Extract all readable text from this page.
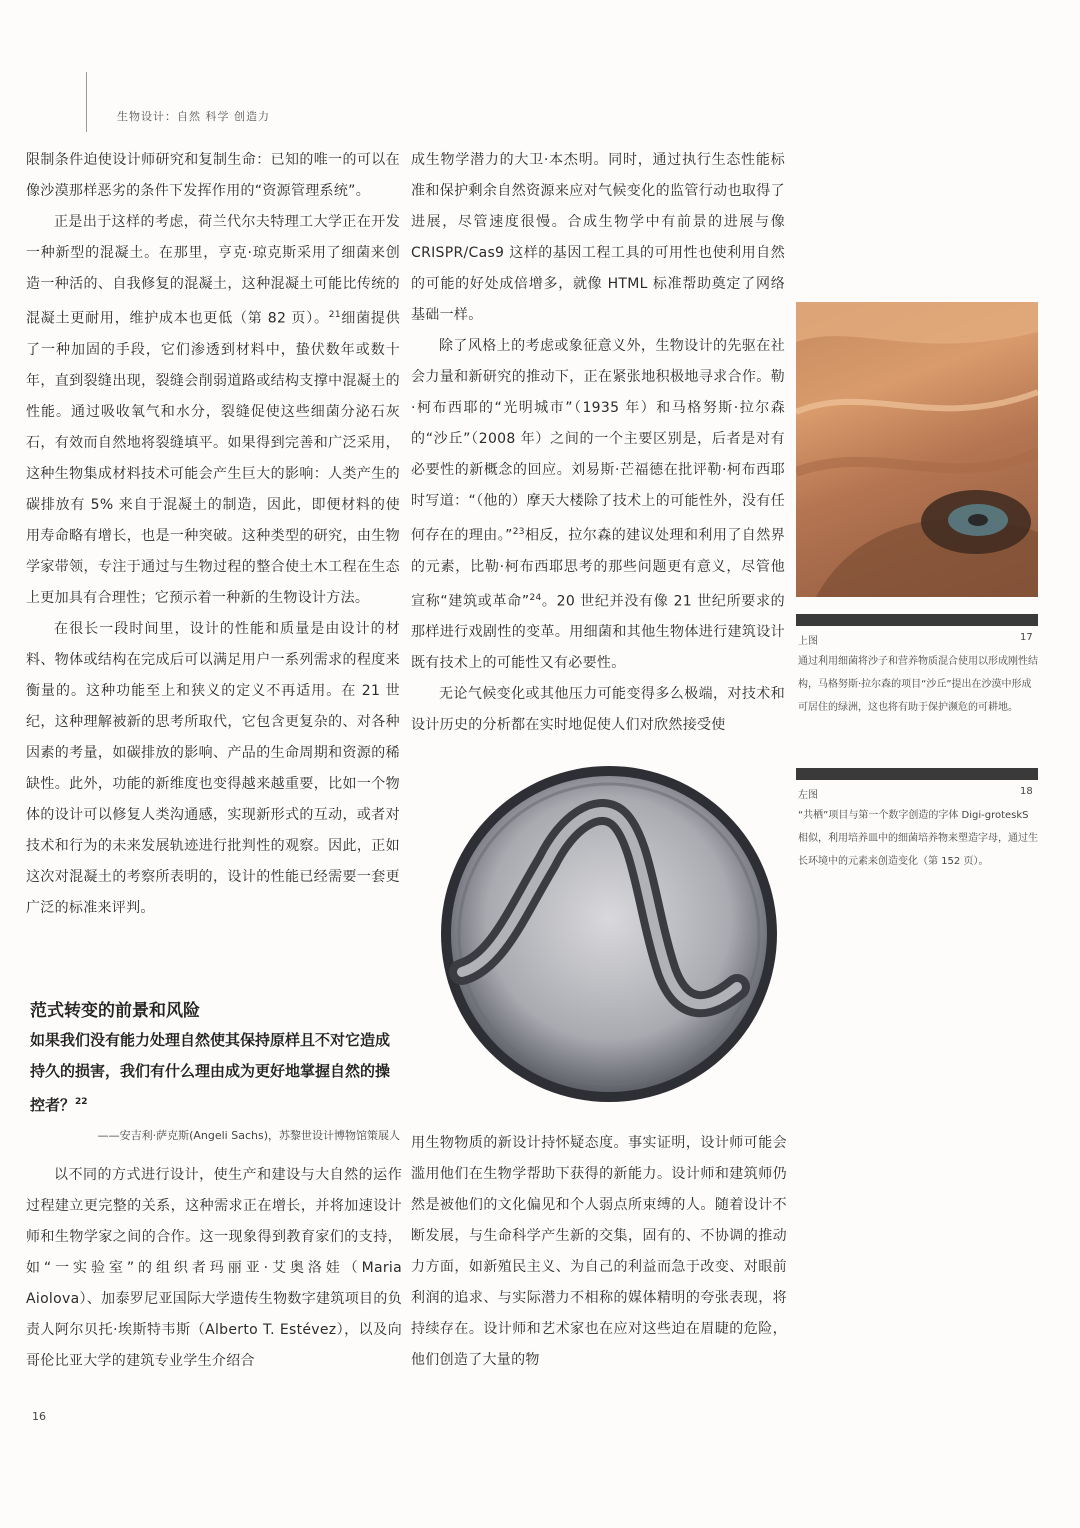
生物设计：自然 科学 创造力

限制条件迫使设计师研究和复制生命：已知的唯一的可以在像沙漠那样恶劣的条件下发挥作用的“资源管理系统”。

正是出于这样的考虑，荷兰代尔夫特理工大学正在开发一种新型的混凝土。在那里，亨克·琼克斯采用了细菌来创造一种活的、自我修复的混凝土，这种混凝土可能比传统的混凝土更耐用，维护成本也更低（第 82 页）。$^{21}$细菌提供了一种加固的手段，它们渗透到材料中，蛰伏数年或数十年，直到裂缝出现，裂缝会削弱道路或结构支撑中混凝土的性能。通过吸收氧气和水分，裂缝促使这些细菌分泌石灰石，有效而自然地将裂缝填平。如果得到完善和广泛采用，这种生物集成材料技术可能会产生巨大的影响：人类产生的碳排放有 5% 来自于混凝土的制造，因此，即便材料的使用寿命略有增长，也是一种突破。这种类型的研究，由生物学家带领，专注于通过与生物过程的整合使土木工程在生态上更加具有合理性；它预示着一种新的生物设计方法。

在很长一段时间里，设计的性能和质量是由设计的材料、物体或结构在完成后可以满足用户一系列需求的程度来衡量的。这种功能至上和狭义的定义不再适用。在 21 世纪，这种理解被新的思考所取代，它包含更复杂的、对各种因素的考量，如碳排放的影响、产品的生命周期和资源的稀缺性。此外，功能的新维度也变得越来越重要，比如一个物体的设计可以修复人类沟通感，实现新形式的互动，或者对技术和行为的未来发展轨迹进行批判性的观察。因此，正如这次对混凝土的考察所表明的，设计的性能已经需要一套更广泛的标准来评判。

范式转变的前景和风险
如果我们没有能力处理自然使其保持原样且不对它造成持久的损害，我们有什么理由成为更好地掌握自然的操控者？$^{22}$
——安吉利·萨克斯(Angeli Sachs)，苏黎世设计博物馆策展人

以不同的方式进行设计，使生产和建设与大自然的运作过程建立更完整的关系，这种需求正在增长，并将加速设计师和生物学家之间的合作。这一现象得到教育家们的支持，如“一实验室”的组织者玛丽亚·艾奥洛娃（Maria Aiolova）、加泰罗尼亚国际大学遗传生物数字建筑项目的负责人阿尔贝托·埃斯特韦斯（Alberto T. Estévez），以及向哥伦比亚大学的建筑专业学生介绍合

成生物学潜力的大卫·本杰明。同时，通过执行生态性能标准和保护剩余自然资源来应对气候变化的监管行动也取得了进展，尽管速度很慢。合成生物学中有前景的进展与像 CRISPR/Cas9 这样的基因工程工具的可用性也使利用自然的可能的好处成倍增多，就像 HTML 标准帮助奠定了网络基础一样。

除了风格上的考虑或象征意义外，生物设计的先驱在社会力量和新研究的推动下，正在紧张地积极地寻求合作。勒·柯布西耶的“光明城市”（1935 年）和马格努斯·拉尔森的“沙丘”（2008 年）之间的一个主要区别是，后者是对有必要性的新概念的回应。刘易斯·芒福德在批评勒·柯布西耶时写道：“（他的）摩天大楼除了技术上的可能性外，没有任何存在的理由。”$^{23}$相反，拉尔森的建议处理和利用了自然界的元素，比勒·柯布西耶思考的那些问题更有意义，尽管他宣称“建筑或革命”$^{24}$。20 世纪并没有像 21 世纪所要求的那样进行戏剧性的变革。用细菌和其他生物体进行建筑设计既有技术上的可能性又有必要性。

无论气候变化或其他压力可能变得多么极端，对技术和设计历史的分析都在实时地促使人们对欣然接受使

用生物物质的新设计持怀疑态度。事实证明，设计师可能会滥用他们在生物学帮助下获得的新能力。设计师和建筑师仍然是被他们的文化偏见和个人弱点所束缚的人。随着设计不断发展，与生命科学产生新的交集，固有的、不协调的推动力方面，如新殖民主义、为自己的利益而急于改变、对眼前利润的追求、与实际潜力不相称的媒体精明的夸张表现，将持续存在。设计师和艺术家也在应对这些迫在眉睫的危险，他们创造了大量的物

上图	17
通过利用细菌将沙子和营养物质混合使用以形成刚性结构，马格努斯·拉尔森的项目“沙丘”提出在沙漠中形成可居住的绿洲，这也将有助于保护濒危的可耕地。
左图	18
“共栖”项目与第一个数字创造的字体 Digi-groteskS 相似，利用培养皿中的细菌培养物来塑造字母，通过生长环境中的元素来创造变化（第 152 页）。
16
